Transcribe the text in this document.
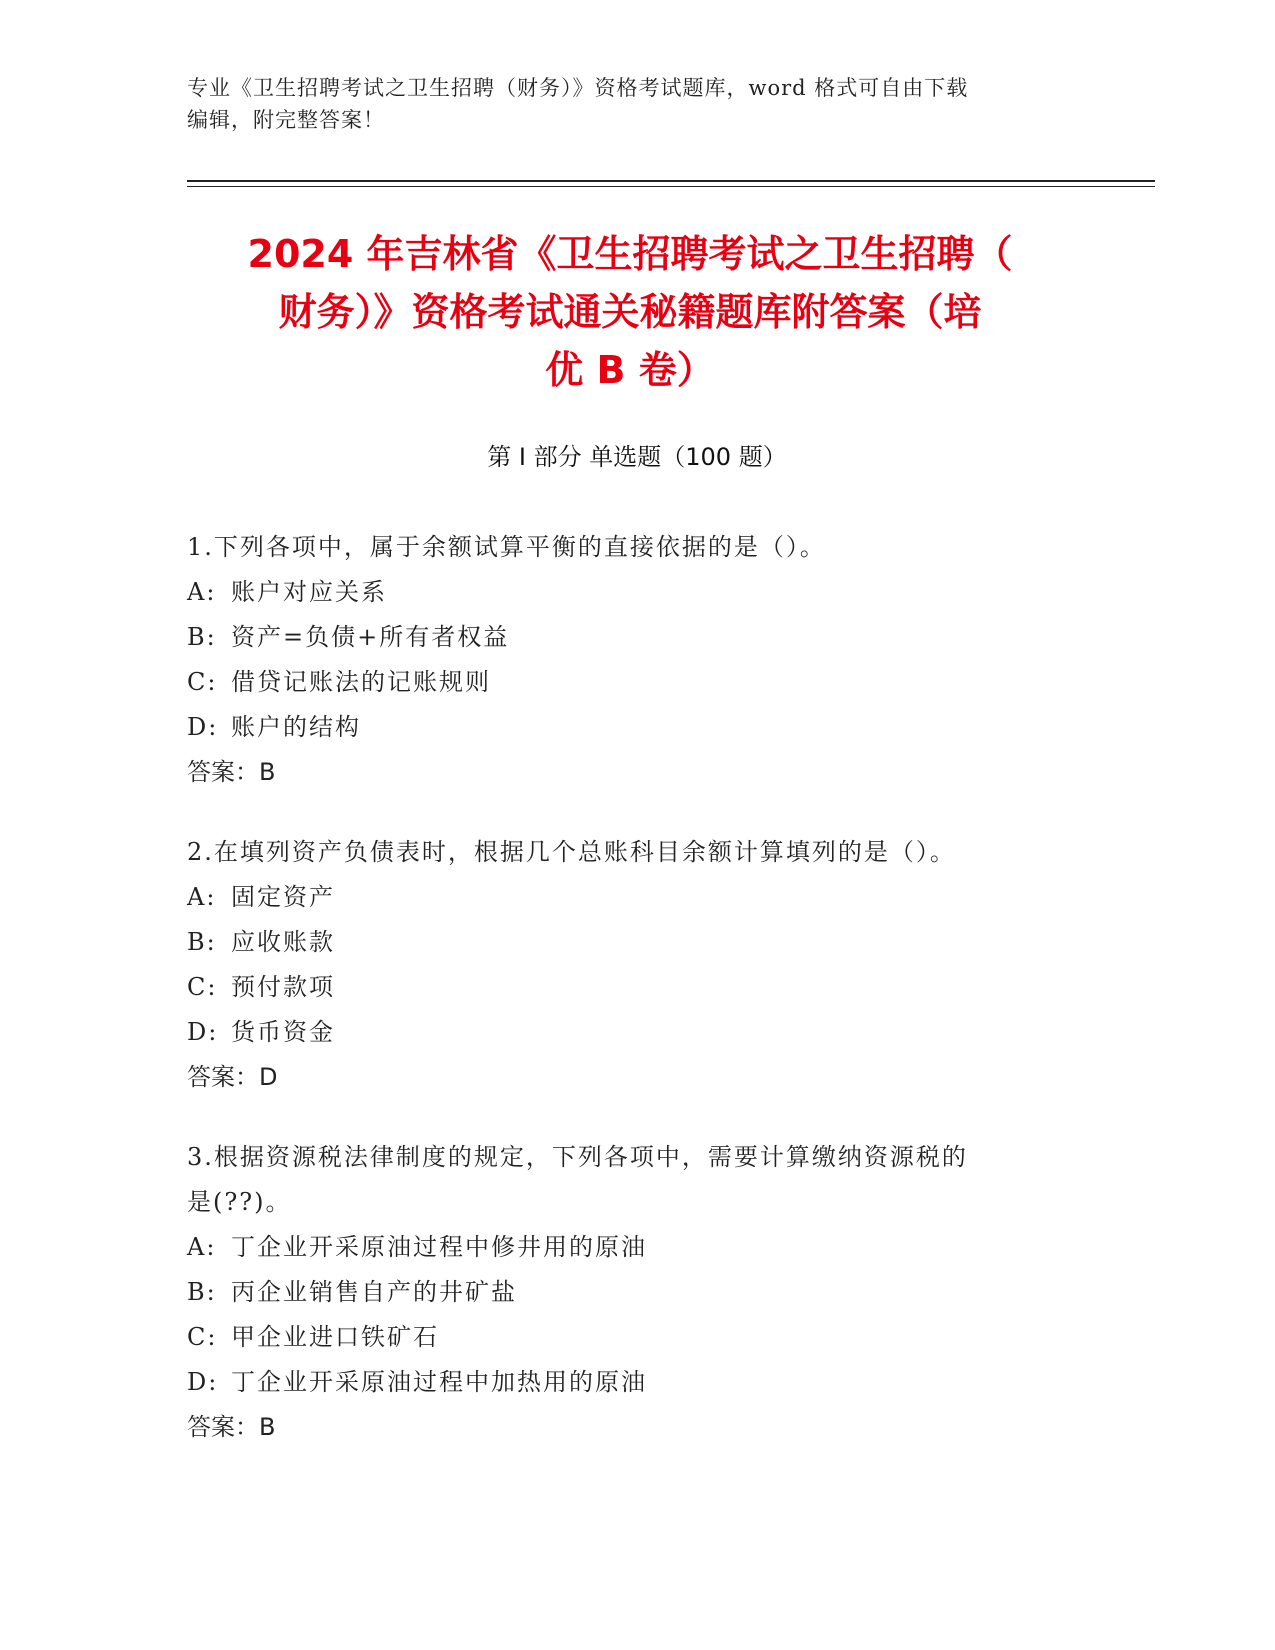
专业《卫生招聘考试之卫生招聘（财务）》资格考试题库，word 格式可自由下载
编辑，附完整答案！
2024 年吉林省《卫生招聘考试之卫生招聘（
财务）》资格考试通关秘籍题库附答案（培
优 B 卷）
第 I 部分 单选题（100 题）
1.下列各项中，属于余额试算平衡的直接依据的是（）。
A: 账户对应关系
B: 资产=负债+所有者权益
C: 借贷记账法的记账规则
D: 账户的结构
答案：B
2.在填列资产负债表时，根据几个总账科目余额计算填列的是（）。
A: 固定资产
B: 应收账款
C: 预付款项
D: 货币资金
答案：D
3.根据资源税法律制度的规定，下列各项中，需要计算缴纳资源税的
是(??)。
A: 丁企业开采原油过程中修井用的原油
B: 丙企业销售自产的井矿盐
C: 甲企业进口铁矿石
D: 丁企业开采原油过程中加热用的原油
答案：B
